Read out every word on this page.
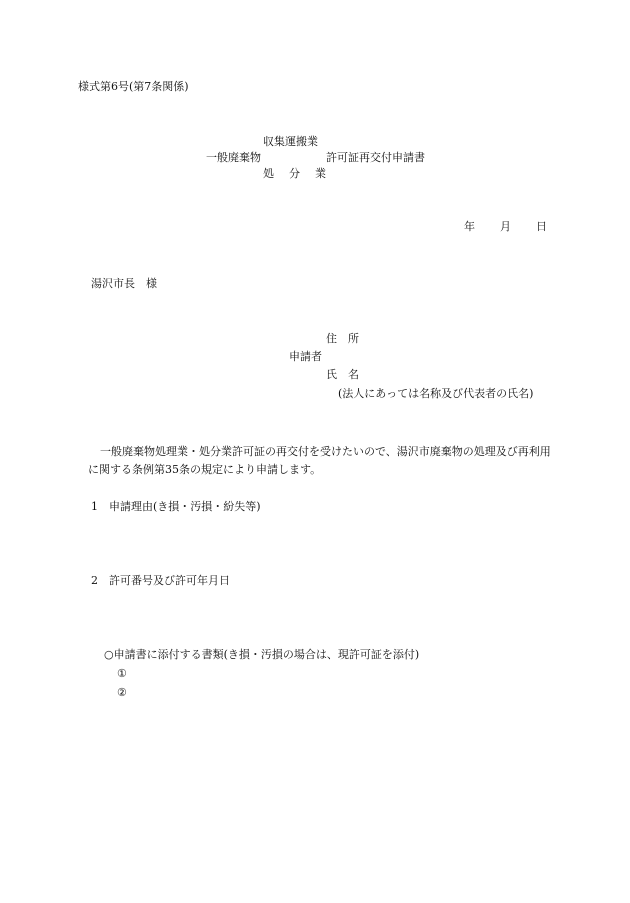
様式第6号(第7条関係)
収集運搬業
一般廃棄物	許可証再交付申請書
処　分　業
年 月 日
湯沢市長　様
住　所
申請者
氏　名
(法人にあっては名称及び代表者の氏名)
一般廃棄物処理業・処分業許可証の再交付を受けたいので、湯沢市廃棄物の処理及び再利用に関する条例第35条の規定により申請します。
1　 申請理由(き損・汚損・紛失等)
2　 許可番号及び許可年月日
○申請書に添付する書類(き損・汚損の場合は、現許可証を添付)
①
②
